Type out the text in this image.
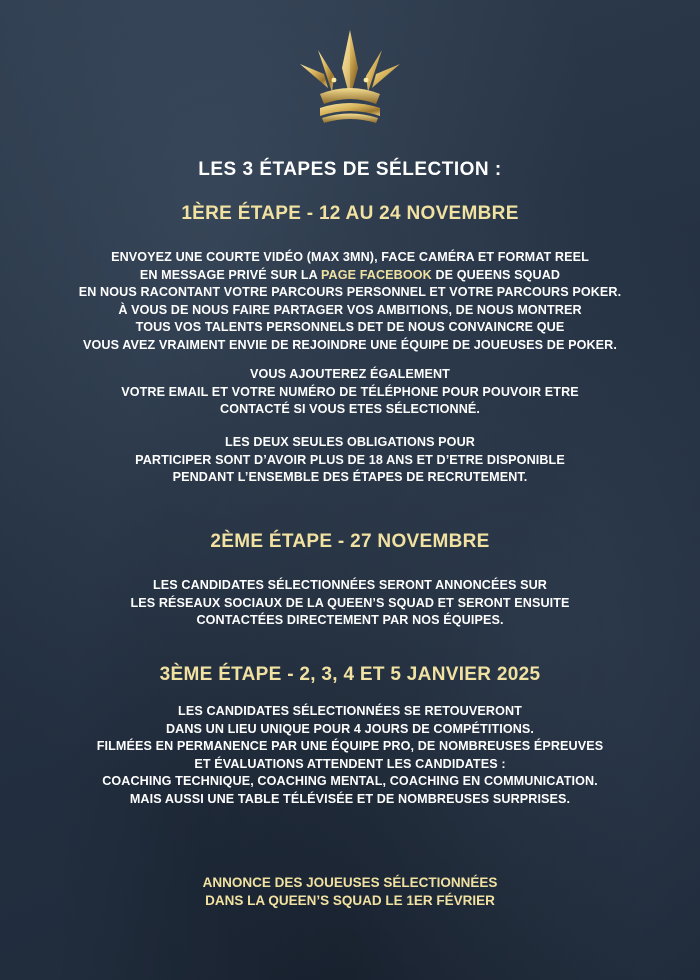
LES 3 ÉTAPES DE SÉLECTION :
1ÈRE ÉTAPE - 12 AU 24 NOVEMBRE
ENVOYEZ UNE COURTE VIDÉO (MAX 3MN), FACE CAMÉRA ET FORMAT REEL
EN MESSAGE PRIVÉ SUR LA PAGE FACEBOOK DE QUEENS SQUAD
EN NOUS RACONTANT VOTRE PARCOURS PERSONNEL ET VOTRE PARCOURS POKER.
À VOUS DE NOUS FAIRE PARTAGER VOS AMBITIONS, DE NOUS MONTRER
TOUS VOS TALENTS PERSONNELS DET DE NOUS CONVAINCRE QUE
VOUS AVEZ VRAIMENT ENVIE DE REJOINDRE UNE ÉQUIPE DE JOUEUSES DE POKER.
VOUS AJOUTEREZ ÉGALEMENT
VOTRE EMAIL ET VOTRE NUMÉRO DE TÉLÉPHONE POUR POUVOIR ETRE
CONTACTÉ SI VOUS ETES SÉLECTIONNÉ.
LES DEUX SEULES OBLIGATIONS POUR
PARTICIPER SONT D’AVOIR PLUS DE 18 ANS ET D’ETRE DISPONIBLE
PENDANT L’ENSEMBLE DES ÉTAPES DE RECRUTEMENT.
2ÈME ÉTAPE - 27 NOVEMBRE
LES CANDIDATES SÉLECTIONNÉES SERONT ANNONCÉES SUR
LES RÉSEAUX SOCIAUX DE LA QUEEN’S SQUAD ET SERONT ENSUITE
CONTACTÉES DIRECTEMENT PAR NOS ÉQUIPES.
3ÈME ÉTAPE - 2, 3, 4 ET 5 JANVIER 2025
LES CANDIDATES SÉLECTIONNÉES SE RETOUVERONT
DANS UN LIEU UNIQUE POUR 4 JOURS DE COMPÉTITIONS.
FILMÉES EN PERMANENCE PAR UNE ÉQUIPE PRO, DE NOMBREUSES ÉPREUVES
ET ÉVALUATIONS ATTENDENT LES CANDIDATES :
COACHING TECHNIQUE, COACHING MENTAL, COACHING EN COMMUNICATION.
MAIS AUSSI UNE TABLE TÉLÉVISÉE ET DE NOMBREUSES SURPRISES.
ANNONCE DES JOUEUSES SÉLECTIONNÉES
DANS LA QUEEN’S SQUAD LE 1ER FÉVRIER
